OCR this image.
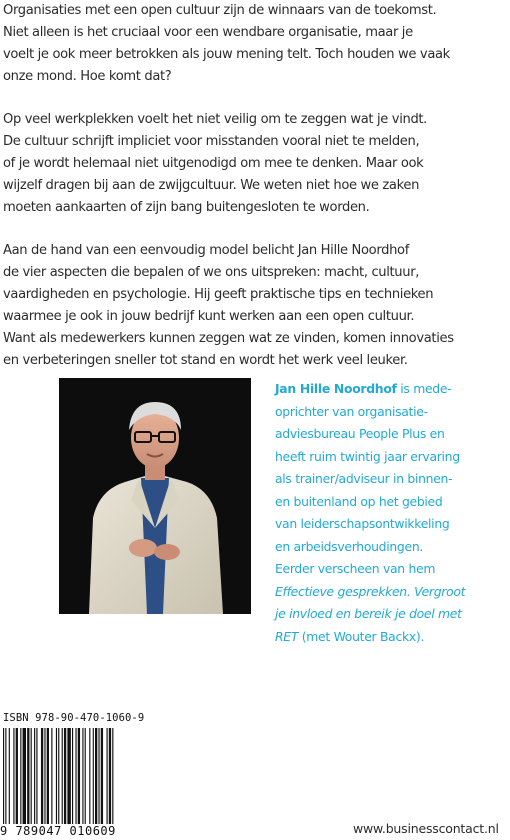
Organisaties met een open cultuur zijn de winnaars van de toekomst.
Niet alleen is het cruciaal voor een wendbare organisatie, maar je
voelt je ook meer betrokken als jouw mening telt. Toch houden we vaak
onze mond. Hoe komt dat?

Op veel werkplekken voelt het niet veilig om te zeggen wat je vindt.
De cultuur schrijft impliciet voor misstanden vooral niet te melden,
of je wordt helemaal niet uitgenodigd om mee te denken. Maar ook
wijzelf dragen bij aan de zwijgcultuur. We weten niet hoe we zaken
moeten aankaarten of zijn bang buitengesloten te worden.

Aan de hand van een eenvoudig model belicht Jan Hille Noordhof
de vier aspecten die bepalen of we ons uitspreken: macht, cultuur,
vaardigheden en psychologie. Hij geeft praktische tips en technieken
waarmee je ook in jouw bedrijf kunt werken aan een open cultuur.
Want als medewerkers kunnen zeggen wat ze vinden, komen innovaties
en verbeteringen sneller tot stand en wordt het werk veel leuker.

Jan Hille Noordhof is mede-
oprichter van organisatie-
adviesbureau People Plus en
heeft ruim twintig jaar ervaring
als trainer/adviseur in binnen-
en buitenland op het gebied
van leiderschapsontwikkeling
en arbeidsverhoudingen.
Eerder verscheen van hem
Effectieve gesprekken. Vergroot
je invloed en bereik je doel met
RET (met Wouter Backx).
ISBN 978-90-470-1060-9
9 789047 010609	www.businesscontact.nl
